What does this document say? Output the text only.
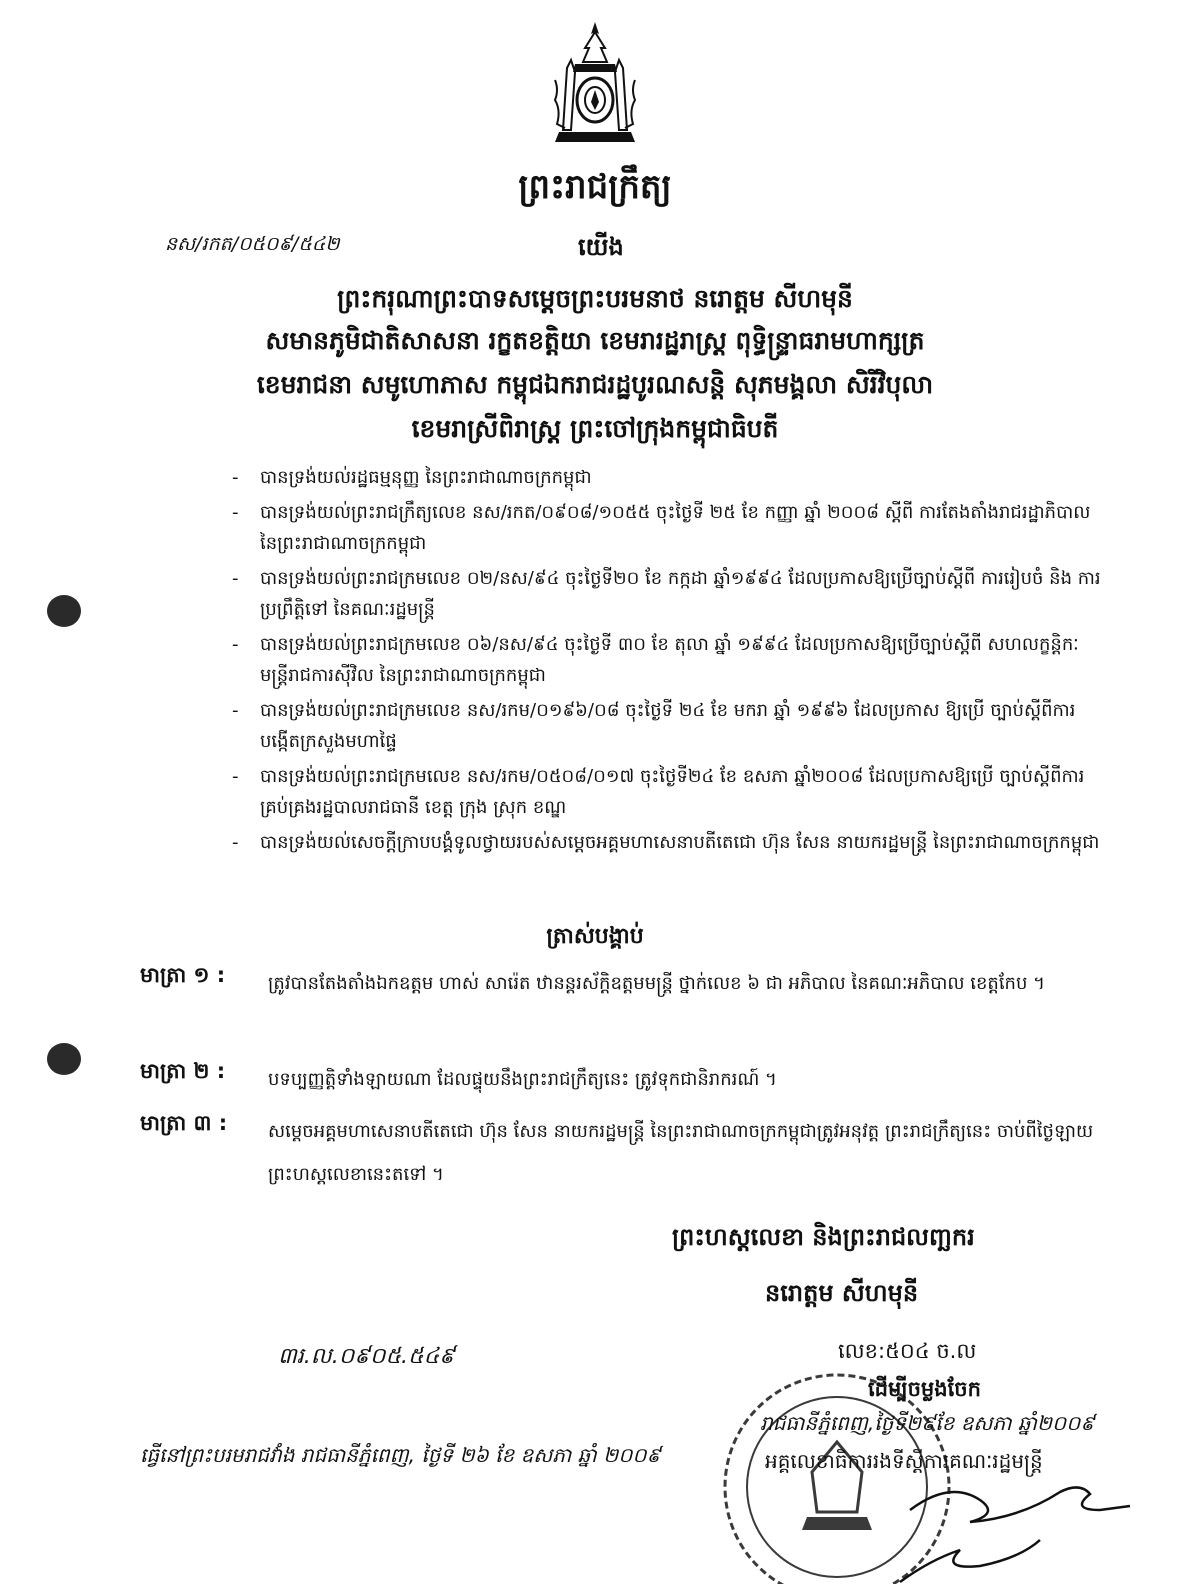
ព្រះរាជក្រឹត្យ
នស/រកត/០៥០៩/៥៤២	យើង
ព្រះករុណាព្រះបាទសម្តេចព្រះបរមនាថ នរោត្តម សីហមុនី
សមានភូមិជាតិសាសនា រក្ខតខត្តិយា ខេមរារដ្ឋរាស្ត្រ ពុទ្ធិន្ទ្រាធរាមហាក្សត្រ
ខេមរាជនា សមូហោភាស កម្ពុជឯករាជរដ្ឋបូរណសន្តិ សុភមង្គលា សិរីវិបុលា
ខេមរាស្រីពិរាស្ត្រ ព្រះចៅក្រុងកម្ពុជាធិបតី
- បានទ្រង់យល់រដ្ឋធម្មនុញ្ញ នៃព្រះរាជាណាចក្រកម្ពុជា
- បានទ្រង់យល់ព្រះរាជក្រឹត្យលេខ នស/រកត/០៩០៨/១០៥៥ ចុះថ្ងៃទី ២៥ ខែ កញ្ញា ឆ្នាំ ២០០៨ ស្តីពី ការតែងតាំងរាជរដ្ឋាភិបាលនៃព្រះរាជាណាចក្រកម្ពុជា
- បានទ្រង់យល់ព្រះរាជក្រមលេខ ០២/នស/៩៤ ចុះថ្ងៃទី២០ ខែ កក្កដា ឆ្នាំ១៩៩៤ ដែលប្រកាសឱ្យប្រើច្បាប់ស្តីពី ការរៀបចំ និង ការប្រព្រឹត្តិទៅ នៃគណៈរដ្ឋមន្ត្រី
- បានទ្រង់យល់ព្រះរាជក្រមលេខ ០៦/នស/៩៤ ចុះថ្ងៃទី ៣០ ខែ តុលា ឆ្នាំ ១៩៩៤ ដែលប្រកាសឱ្យប្រើច្បាប់ស្តីពី សហលក្ខន្តិកៈមន្ត្រីរាជការស៊ីវិល នៃព្រះរាជាណាចក្រកម្ពុជា
- បានទ្រង់យល់ព្រះរាជក្រមលេខ នស/រកម/០១៩៦/០៨ ចុះថ្ងៃទី ២៤ ខែ មករា ឆ្នាំ ១៩៩៦ ដែលប្រកាស ឱ្យប្រើ ច្បាប់ស្តីពីការបង្កើតក្រសួងមហាផ្ទៃ
- បានទ្រង់យល់ព្រះរាជក្រមលេខ នស/រកម/០៥០៨/០១៧ ចុះថ្ងៃទី២៤ ខែ ឧសភា ឆ្នាំ២០០៨ ដែលប្រកាសឱ្យប្រើ ច្បាប់ស្តីពីការគ្រប់គ្រងរដ្ឋបាលរាជធានី ខេត្ត ក្រុង ស្រុក ខណ្ឌ
- បានទ្រង់យល់សេចក្តីក្រាបបង្គំទូលថ្វាយរបស់សម្តេចអគ្គមហាសេនាបតីតេជោ ហ៊ុន សែន នាយករដ្ឋមន្ត្រី នៃព្រះរាជាណាចក្រកម្ពុជា
ត្រាស់បង្គាប់
មាត្រា ១ : ត្រូវបានតែងតាំងឯកឧត្តម ហាស់ សារ៉េត ឋានន្តរស័ក្តិឧត្តមមន្ត្រី ថ្នាក់លេខ ៦ ជា អភិបាល នៃគណៈអភិបាល ខេត្តកែប ។
មាត្រា ២ : បទប្បញ្ញត្តិទាំងឡាយណា ដែលផ្ទុយនឹងព្រះរាជក្រឹត្យនេះ ត្រូវទុកជានិរាករណ៍ ។
មាត្រា ៣ : សម្តេចអគ្គមហាសេនាបតីតេជោ ហ៊ុន សែន នាយករដ្ឋមន្ត្រី នៃព្រះរាជាណាចក្រកម្ពុជាត្រូវអនុវត្ត ព្រះរាជក្រឹត្យនេះ ចាប់ពីថ្ងៃឡាយព្រះហស្តលេខានេះតទៅ ។
ព្រះហស្តលេខា និងព្រះរាជលញ្ឆករ
នរោត្តម សីហមុនី
៣រ.ល.០៩០៥.៥៤៩	លេខ:៥០៤ ច.ល
ដើម្បីចម្លងចែក
រាជធានីភ្នំពេញ,ថ្ងៃទី២៩ខែ ឧសភា ឆ្នាំ២០០៩
ធ្វើនៅព្រះបរមរាជវាំង រាជធានីភ្នំពេញ, ថ្ងៃទី ២៦ ខែ ឧសភា ឆ្នាំ ២០០៩	អគ្គលេខាធិការរងទីស្តីការគណៈរដ្ឋមន្ត្រី
